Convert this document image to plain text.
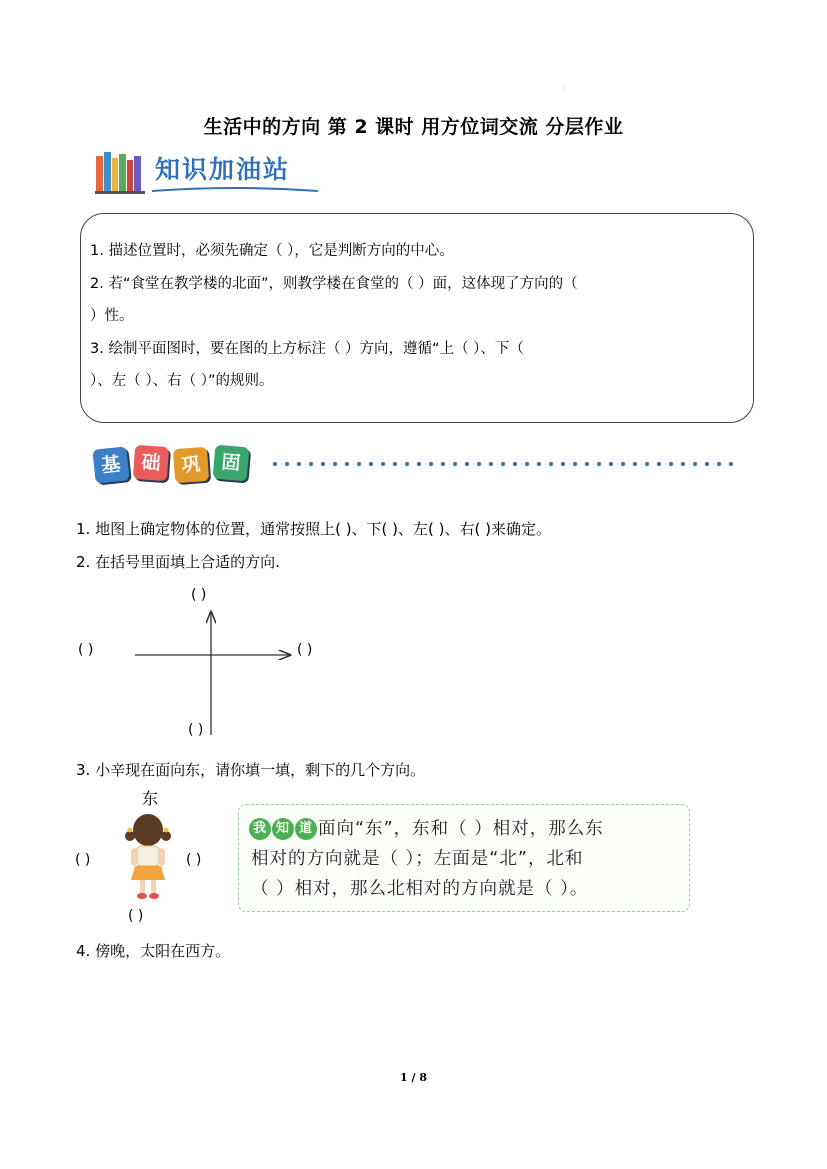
·
生活中的方向 第 2 课时 用方位词交流 分层作业
知识加油站
1. 描述位置时，必须先确定（ ），它是判断方向的中心。
2. 若“食堂在教学楼的北面”，则教学楼在食堂的（ ）面，这体现了方向的（
）性。
3. 绘制平面图时，要在图的上方标注（ ）方向，遵循“上（ ）、下（
）、左（ ）、右（ ）”的规则。
基	础	巩	固
1. 地图上确定物体的位置，通常按照上( )、下( )、左( )、右( )来确定。
2. 在括号里面填上合适的方向.
( )
( )	( )
( )
3. 小辛现在面向东，请你填一填，剩下的几个方向。
东
( )	( )
( )
我 知 道 面向“东”，东和（ ）相对，那么东
相对的方向就是（ ）；左面是“北”，北和
（ ）相对，那么北相对的方向就是（ ）。
4. 傍晚，太阳在西方。
1 / 8
